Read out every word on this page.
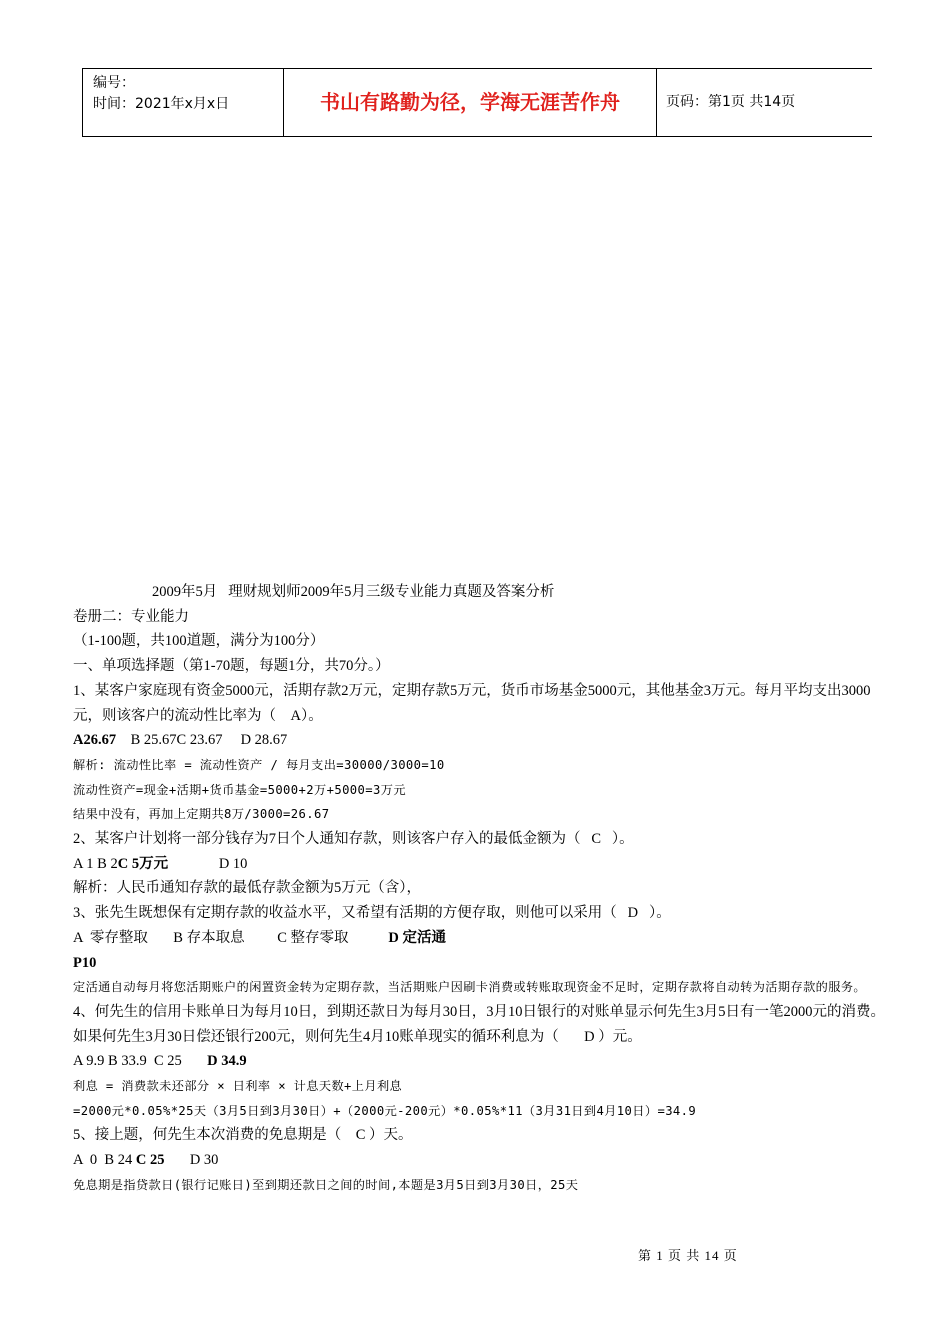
编号：
时间：2021年x月x日	书山有路勤为径，学海无涯苦作舟	页码：第1页 共14页

2009年5月   理财规划师2009年5月三级专业能力真题及答案分析

卷册二：专业能力

（1-100题，共100道题，满分为100分）

一、单项选择题（第1-70题，每题1分，共70分。）

1、某客户家庭现有资金5000元，活期存款2万元，定期存款5万元，货币市场基金5000元，其他基金3万元。每月平均支出3000元，则该客户的流动性比率为（    A）。

A26.67    B 25.67C 23.67     D 28.67

解析: 流动性比率 = 流动性资产 / 每月支出=30000/3000=10

流动性资产=现金+活期+货币基金=5000+2万+5000=3万元

结果中没有，再加上定期共8万/3000=26.67

2、某客户计划将一部分钱存为7日个人通知存款，则该客户存入的最低金额为（   C   ）。

A 1 B 2C 5万元              D 10

解析：人民币通知存款的最低存款金额为5万元（含），

3、张先生既想保有定期存款的收益水平，又希望有活期的方便存取，则他可以采用（   D   ）。

A  零存整取       B 存本取息         C 整存零取           D 定活通

P10

定活通自动每月将您活期账户的闲置资金转为定期存款，当活期账户因刷卡消费或转账取现资金不足时，定期存款将自动转为活期存款的服务。

4、何先生的信用卡账单日为每月10日，到期还款日为每月30日，3月10日银行的对账单显示何先生3月5日有一笔2000元的消费。如果何先生3月30日偿还银行200元，则何先生4月10账单现实的循环利息为（       D ）元。

A 9.9 B 33.9  C 25       D 34.9

利息 = 消费款未还部分 × 日利率 × 计息天数+上月利息

=2000元*0.05%*25天（3月5日到3月30日）+（2000元-200元）*0.05%*11（3月31日到4月10日）=34.9

5、接上题，何先生本次消费的免息期是（    C ）天。

A  0  B 24 C 25       D 30

免息期是指贷款日(银行记账日)至到期还款日之间的时间,本题是3月5日到3月30日，25天

第 1 页 共 14 页
